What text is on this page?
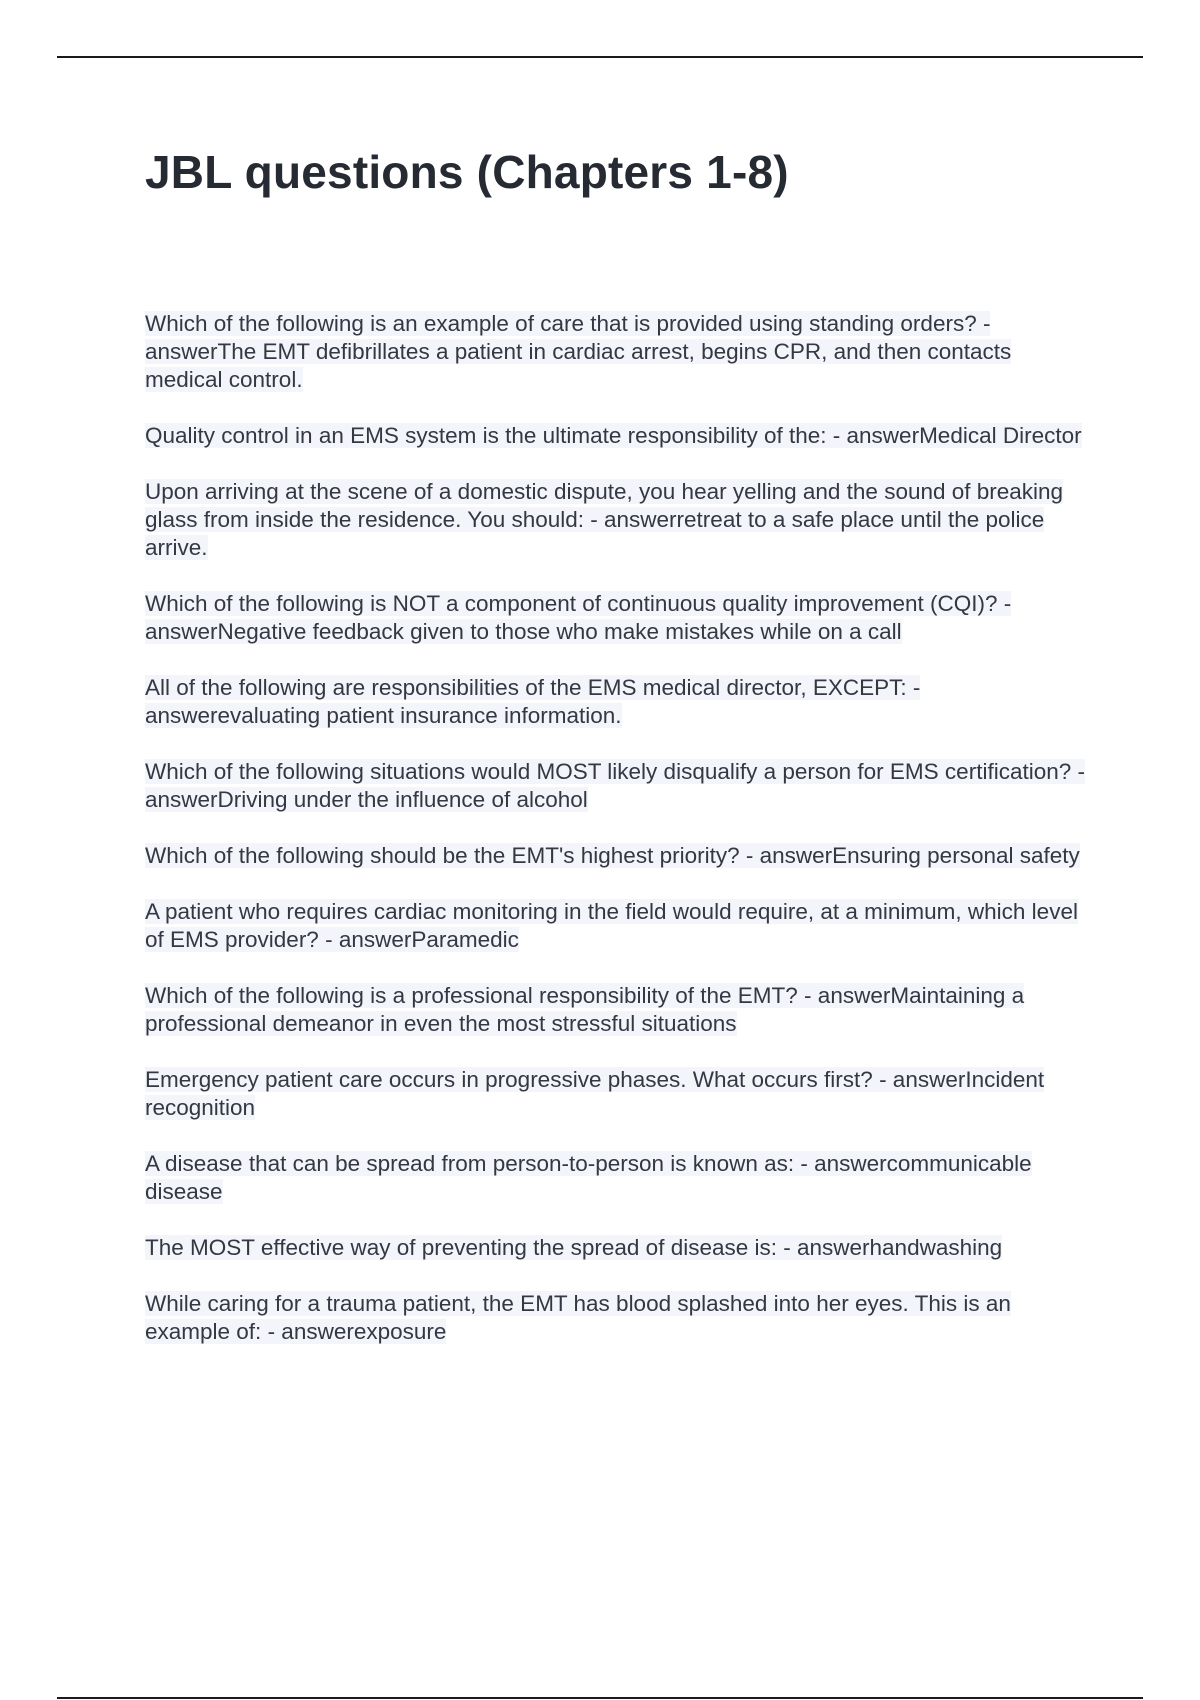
JBL questions (Chapters 1-8)
Which of the following is an example of care that is provided using standing orders? - answerThe EMT defibrillates a patient in cardiac arrest, begins CPR, and then contacts medical control.
Quality control in an EMS system is the ultimate responsibility of the: - answerMedical Director
Upon arriving at the scene of a domestic dispute, you hear yelling and the sound of breaking glass from inside the residence. You should: - answerretreat to a safe place until the police arrive.
Which of the following is NOT a component of continuous quality improvement (CQI)? - answerNegative feedback given to those who make mistakes while on a call
All of the following are responsibilities of the EMS medical director, EXCEPT: - answerevaluating patient insurance information.
Which of the following situations would MOST likely disqualify a person for EMS certification? - answerDriving under the influence of alcohol
Which of the following should be the EMT's highest priority? - answerEnsuring personal safety
A patient who requires cardiac monitoring in the field would require, at a minimum, which level of EMS provider? - answerParamedic
Which of the following is a professional responsibility of the EMT? - answerMaintaining a professional demeanor in even the most stressful situations
Emergency patient care occurs in progressive phases. What occurs first? - answerIncident recognition
A disease that can be spread from person-to-person is known as: - answercommunicable disease
The MOST effective way of preventing the spread of disease is: - answerhandwashing
While caring for a trauma patient, the EMT has blood splashed into her eyes. This is an example of: - answerexposure
